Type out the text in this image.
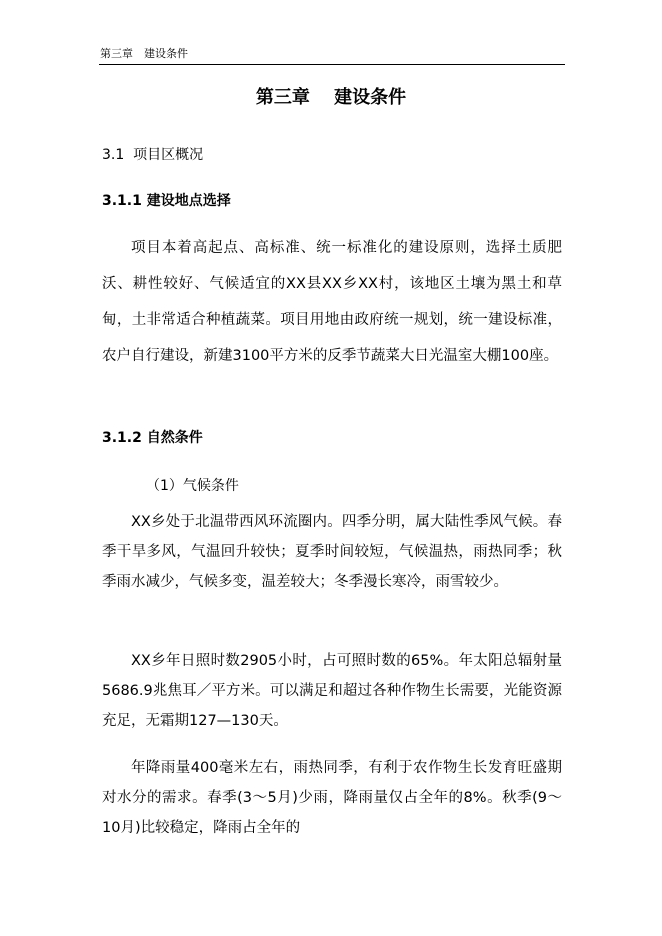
第三章　建设条件
第三章　 建设条件
3.1  项目区概况
3.1.1 建设地点选择

项目本着高起点、高标准、统一标准化的建设原则，选择土质肥沃、耕性较好、气候适宜的XX县XX乡XX村，该地区土壤为黑土和草甸，土非常适合种植蔬菜。项目用地由政府统一规划，统一建设标准，农户自行建设，新建3100平方米的反季节蔬菜大日光温室大棚100座。

3.1.2 自然条件
（1）气候条件

XX乡处于北温带西风环流圈内。四季分明，属大陆性季风气候。春季干旱多风，气温回升较快；夏季时间较短，气候温热，雨热同季；秋季雨水减少，气候多变，温差较大；冬季漫长寒冷，雨雪较少。

XX乡年日照时数2905小时，占可照时数的65%。年太阳总辐射量5686.9兆焦耳／平方米。可以满足和超过各种作物生长需要，光能资源充足，无霜期127—130天。

年降雨量400毫米左右，雨热同季，有利于农作物生长发育旺盛期对水分的需求。春季(3～5月)少雨，降雨量仅占全年的8%。秋季(9～10月)比较稳定，降雨占全年的
